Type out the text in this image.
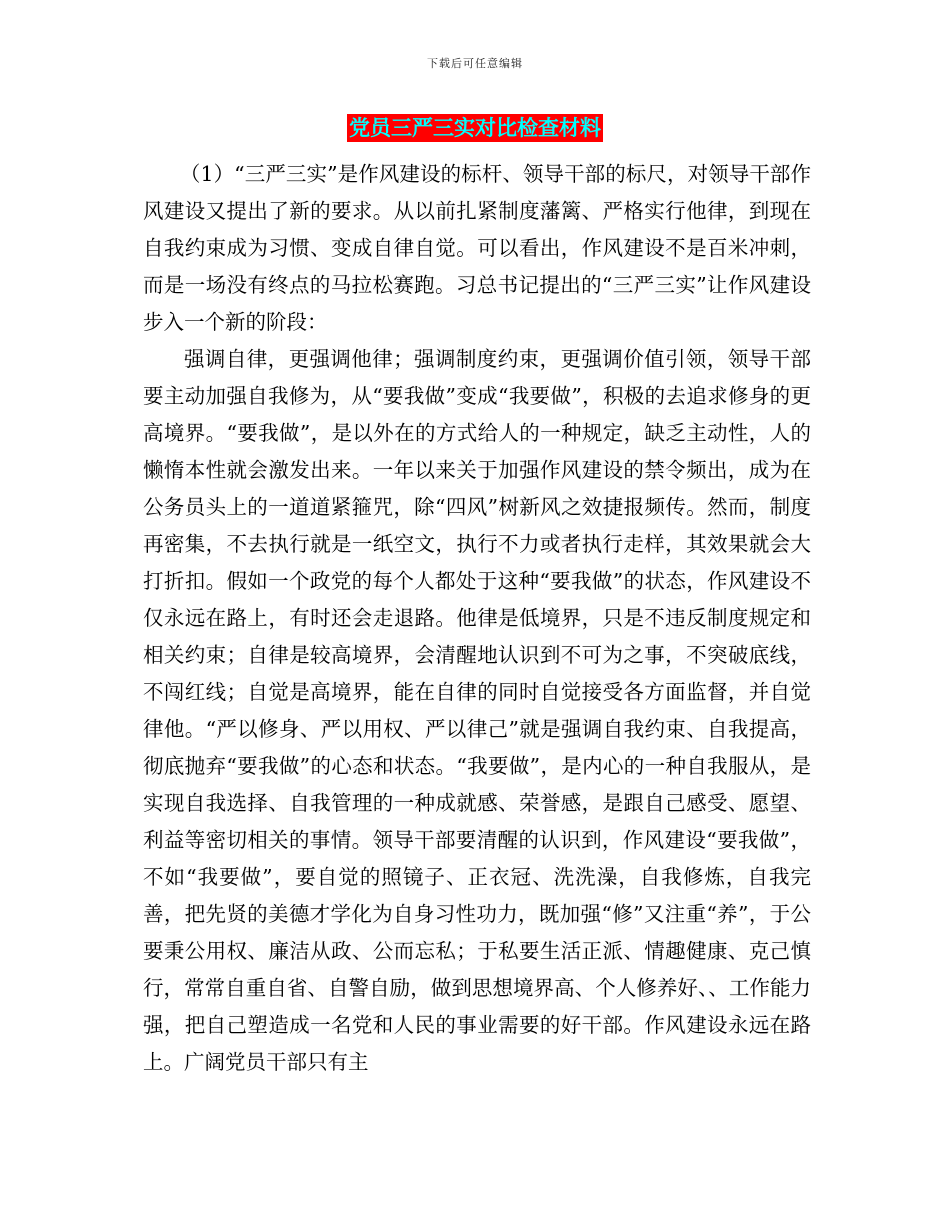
下载后可任意编辑
党员三严三实对比检查材料

（1）“三严三实”是作风建设的标杆、领导干部的标尺，对领导干部作风建设又提出了新的要求。从以前扎紧制度藩篱、严格实行他律，到现在自我约束成为习惯、变成自律自觉。可以看出，作风建设不是百米冲刺，而是一场没有终点的马拉松赛跑。习总书记提出的“三严三实”让作风建设步入一个新的阶段：

强调自律，更强调他律；强调制度约束，更强调价值引领，领导干部要主动加强自我修为，从“要我做”变成“我要做”，积极的去追求修身的更高境界。“要我做”，是以外在的方式给人的一种规定，缺乏主动性，人的懒惰本性就会激发出来。一年以来关于加强作风建设的禁令频出，成为在公务员头上的一道道紧箍咒，除“四风”树新风之效捷报频传。然而，制度再密集，不去执行就是一纸空文，执行不力或者执行走样，其效果就会大打折扣。假如一个政党的每个人都处于这种“要我做”的状态，作风建设不仅永远在路上，有时还会走退路。他律是低境界，只是不违反制度规定和相关约束；自律是较高境界，会清醒地认识到不可为之事，不突破底线，不闯红线；自觉是高境界，能在自律的同时自觉接受各方面监督，并自觉律他。“严以修身、严以用权、严以律己”就是强调自我约束、自我提高，彻底抛弃“要我做”的心态和状态。“我要做”，是内心的一种自我服从，是实现自我选择、自我管理的一种成就感、荣誉感，是跟自己感受、愿望、利益等密切相关的事情。领导干部要清醒的认识到，作风建设“要我做”，不如“我要做”，要自觉的照镜子、正衣冠、洗洗澡，自我修炼，自我完善，把先贤的美德才学化为自身习性功力，既加强“修”又注重“养”，于公要秉公用权、廉洁从政、公而忘私；于私要生活正派、情趣健康、克己慎行，常常自重自省、自警自励，做到思想境界高、个人修养好、、工作能力强，把自己塑造成一名党和人民的事业需要的好干部。作风建设永远在路上。广阔党员干部只有主
